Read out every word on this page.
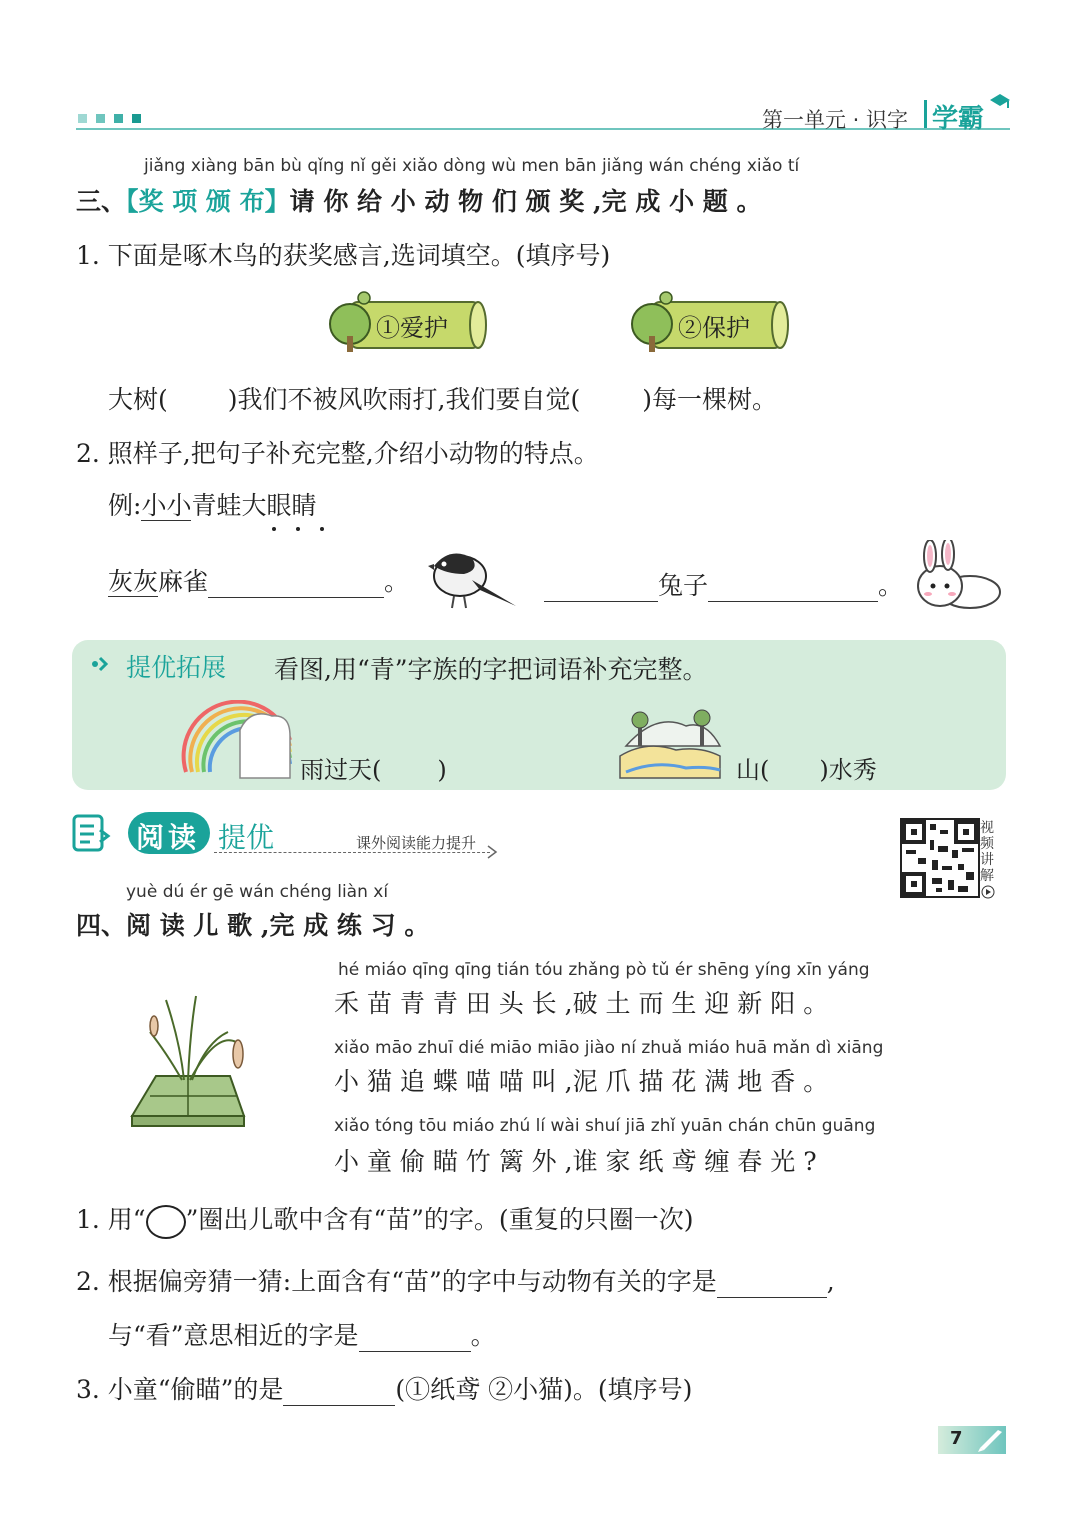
第一单元 · 识字 学霸
jiǎng xiàng bān bù qǐng nǐ gěi xiǎo dòng wù men bān jiǎng wán chéng xiǎo tí
三、【奖 项 颁 布】请 你 给 小 动 物 们 颁 奖 ,完 成 小 题 。
1. 下面是啄木鸟的获奖感言,选词填空。(填序号)
①爱护	②保护
大树( )我们不被风吹雨打,我们要自觉( )每一棵树。
2. 照样子,把句子补充完整,介绍小动物的特点。
例:小小青蛙大眼睛
灰灰麻雀	。	兔子	。
提优拓展 看图,用“青”字族的字把词语补充完整。
雨过天( )	山( )水秀
阅读 提优	课外阅读能力提升
视频讲解
yuè dú ér gē wán chéng liàn xí
四、阅 读 儿 歌 ,完 成 练 习 。
hé miáo qīng qīng tián tóu zhǎng pò tǔ ér shēng yíng xīn yáng
禾 苗 青 青 田 头 长 ,破 土 而 生 迎 新 阳 。
xiǎo māo zhuī dié miāo miāo jiào ní zhuǎ miáo huā mǎn dì xiāng
小 猫 追 蝶 喵 喵 叫 ,泥 爪 描 花 满 地 香 。
xiǎo tóng tōu miáo zhú lí wài shuí jiā zhǐ yuān chán chūn guāng
小 童 偷 瞄 竹 篱 外 ,谁 家 纸 鸢 缠 春 光 ?
1. 用“ ”圈出儿歌中含有“苗”的字。(重复的只圈一次)
2. 根据偏旁猜一猜:上面含有“苗”的字中与动物有关的字是	,
与“看”意思相近的字是	。
3. 小童“偷瞄”的是	(①纸鸢 ②小猫)。(填序号)
7
